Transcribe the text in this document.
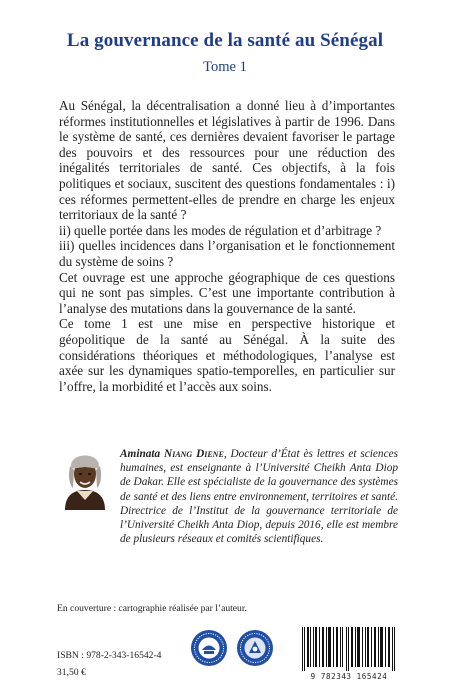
La gouvernance de la santé au Sénégal
Tome 1

Au Sénégal, la décentralisation a donné lieu à d’importantes réformes institutionnelles et législatives à partir de 1996. Dans le système de santé, ces dernières devaient favoriser le partage des pouvoirs et des ressources pour une réduction des inégalités territoriales de santé. Ces objectifs, à la fois politiques et sociaux, suscitent des questions fondamentales : i) ces réformes permettent-elles de prendre en charge les enjeux territoriaux de la santé ?

ii) quelle portée dans les modes de régulation et d’arbitrage ?

iii) quelles incidences dans l’organisation et le fonctionnement du système de soins ?

Cet ouvrage est une approche géographique de ces questions qui ne sont pas simples. C’est une importante contribution à l’analyse des mutations dans la gouvernance de la santé.

Ce tome 1 est une mise en perspective historique et géopolitique de la santé au Sénégal. À la suite des considérations théoriques et méthodologiques, l’analyse est axée sur les dynamiques spatio-temporelles, en particulier sur l’offre, la morbidité et l’accès aux soins.

Aminata Niang Diene, Docteur d’État ès lettres et sciences humaines, est enseignante à l’Université Cheikh Anta Diop de Dakar. Elle est spécialiste de la gouvernance des systèmes de santé et des liens entre environnement, territoires et santé. Directrice de l’Institut de la gouvernance territoriale de l’Université Cheikh Anta Diop, depuis 2016, elle est membre de plusieurs réseaux et comités scientifiques.
En couverture : cartographie réalisée par l’auteur.
ISBN : 978-2-343-16542-4
31,50 €	9 782343 165424
